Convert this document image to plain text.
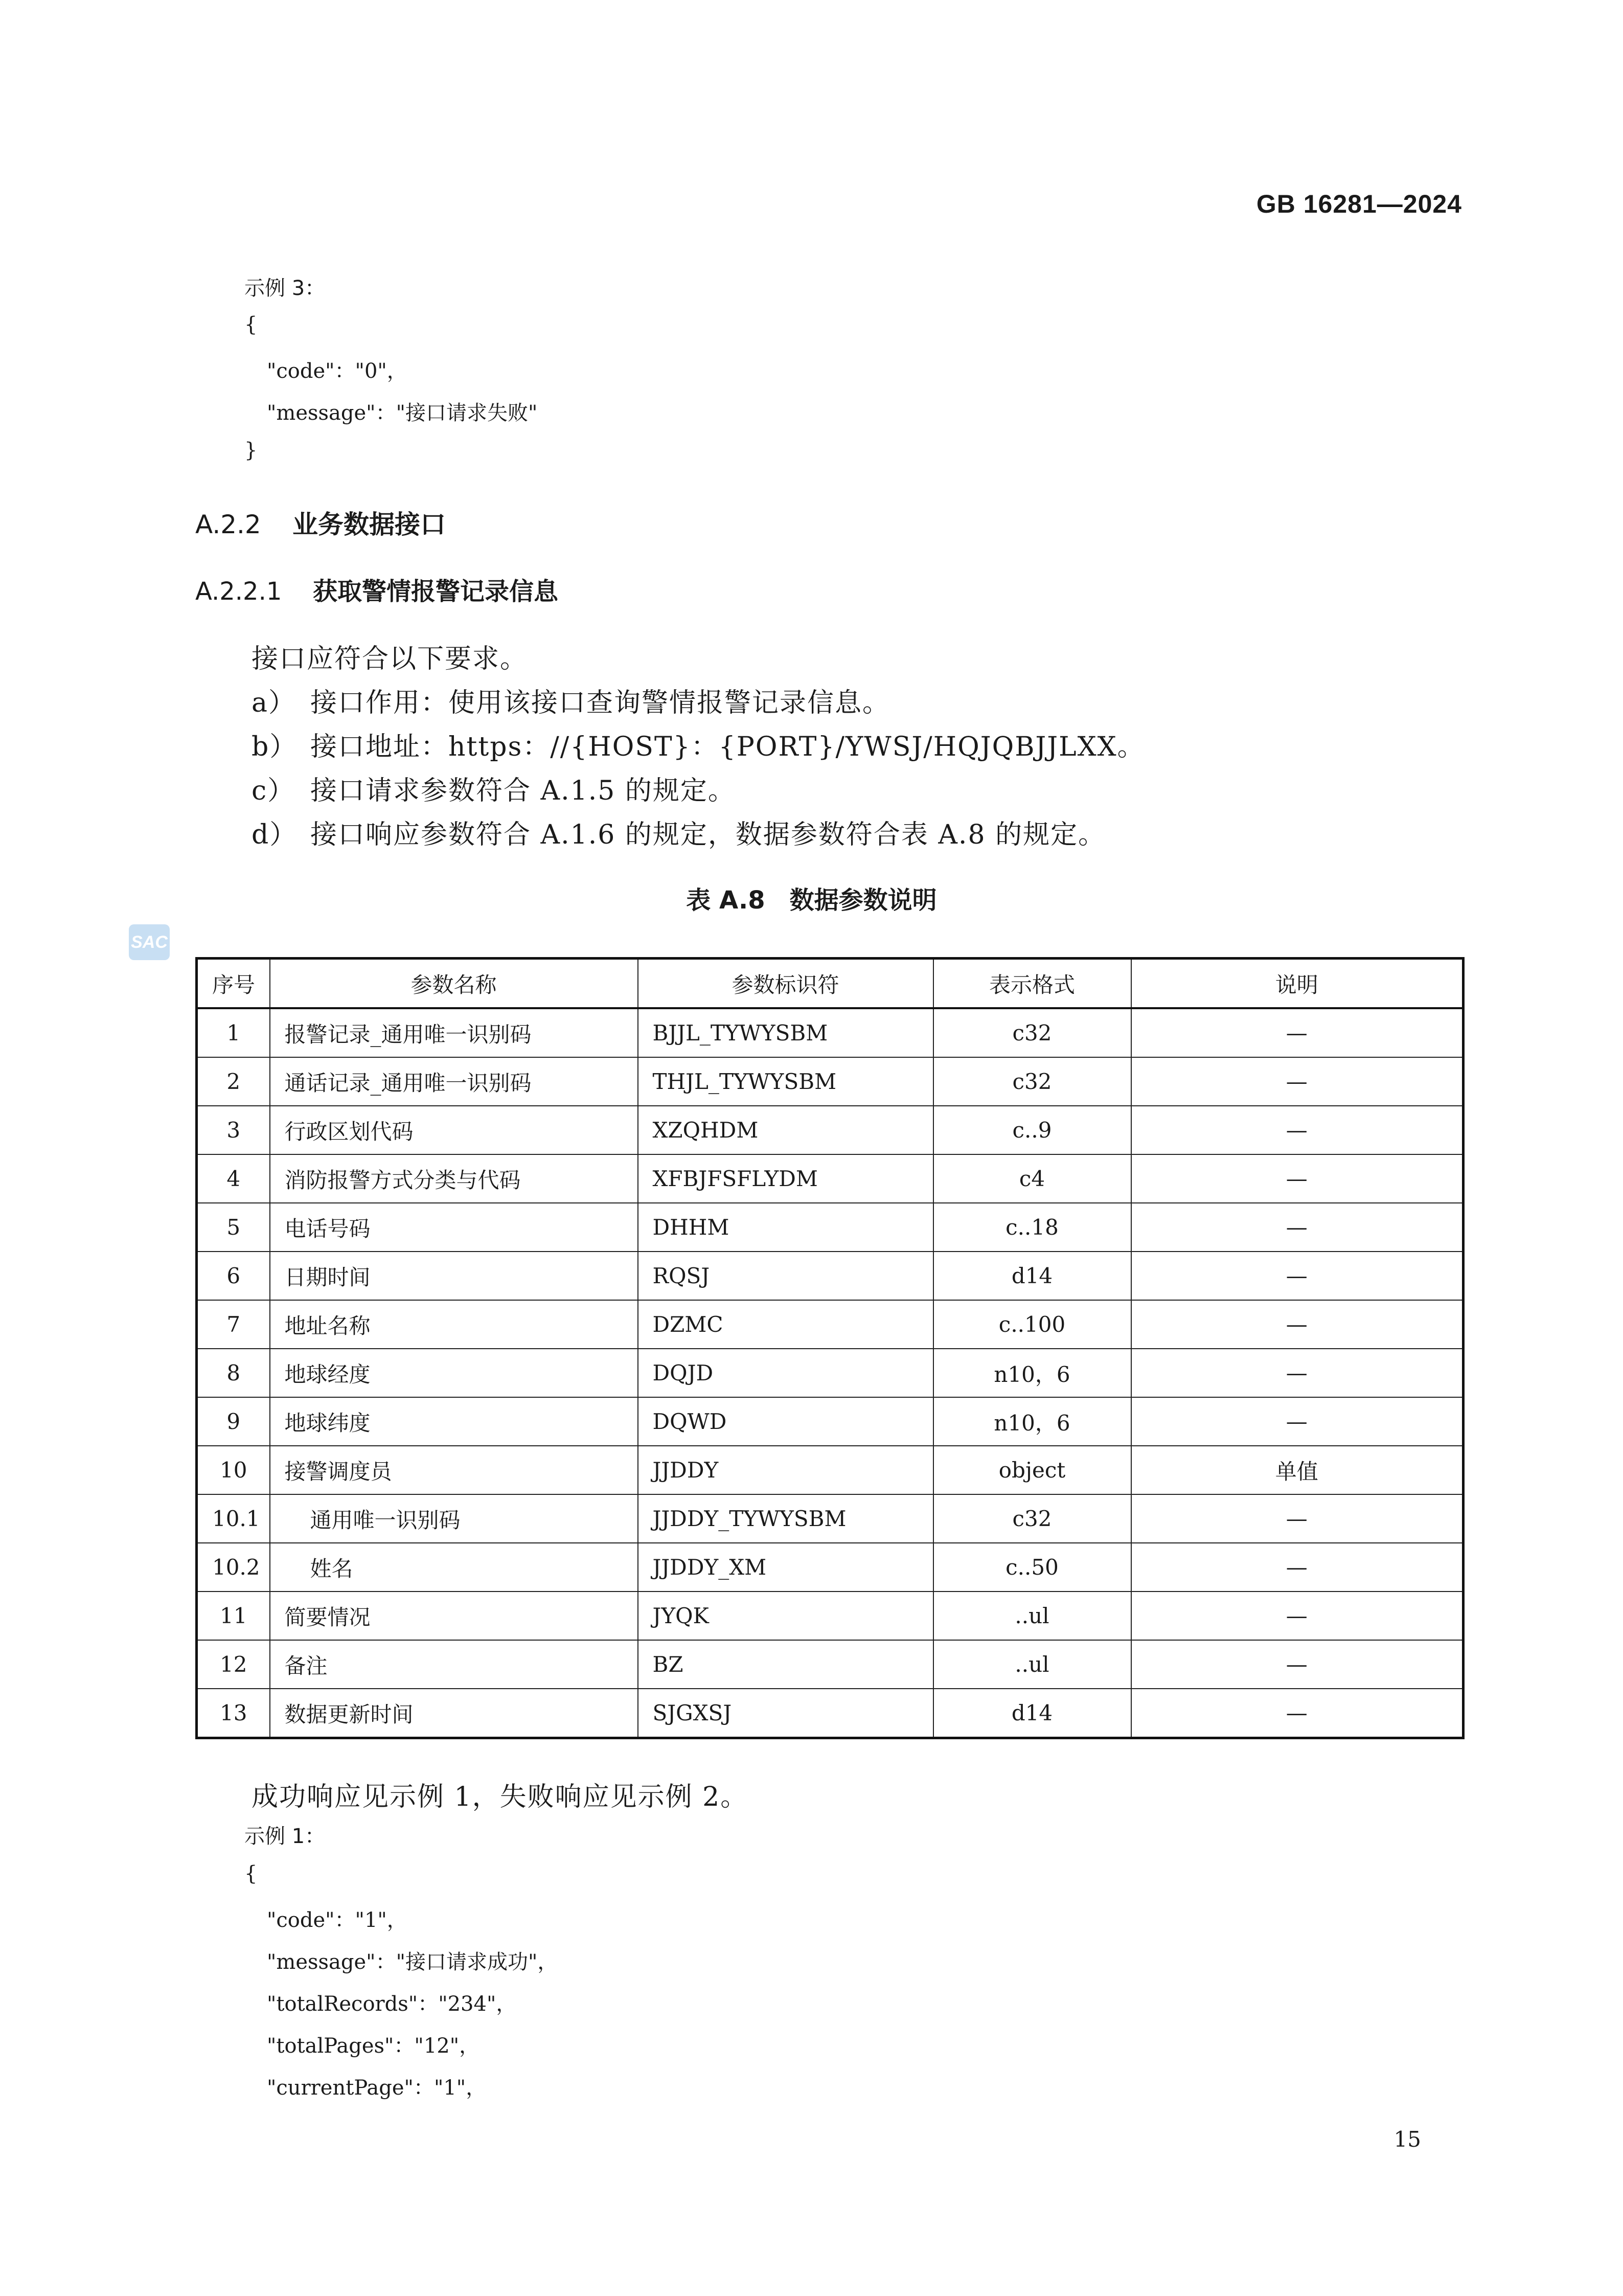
GB 16281—2024
示例 3：
{
"code"："0"，
"message"："接口请求失败"
}
A.2.2 业务数据接口
A.2.2.1 获取警情报警记录信息
接口应符合以下要求。
a） 接口作用：使用该接口查询警情报警记录信息。
b） 接口地址：https：//{HOST}：{PORT}/YWSJ/HQJQBJJLXX。
c） 接口请求参数符合 A.1.5 的规定。
d） 接口响应参数符合 A.1.6 的规定，数据参数符合表 A.8 的规定。
表 A.8　数据参数说明
SAC
序号	参数名称	参数标识符	表示格式	说明
1	报警记录_通用唯一识别码	BJJL_TYWYSBM	c32	—
2	通话记录_通用唯一识别码	THJL_TYWYSBM	c32	—
3	行政区划代码	XZQHDM	c..9	—
4	消防报警方式分类与代码	XFBJFSFLYDM	c4	—
5	电话号码	DHHM	c..18	—
6	日期时间	RQSJ	d14	—
7	地址名称	DZMC	c..100	—
8	地球经度	DQJD	n10，6	—
9	地球纬度	DQWD	n10，6	—
10	接警调度员	JJDDY	object	单值
10.1	通用唯一识别码	JJDDY_TYWYSBM	c32	—
10.2	姓名	JJDDY_XM	c..50	—
11	简要情况	JYQK	..ul	—
12	备注	BZ	..ul	—
13	数据更新时间	SJGXSJ	d14	—
成功响应见示例 1，失败响应见示例 2。
示例 1：
{
"code"："1"，
"message"："接口请求成功"，
"totalRecords"："234"，
"totalPages"："12"，
"currentPage"："1"，
15
